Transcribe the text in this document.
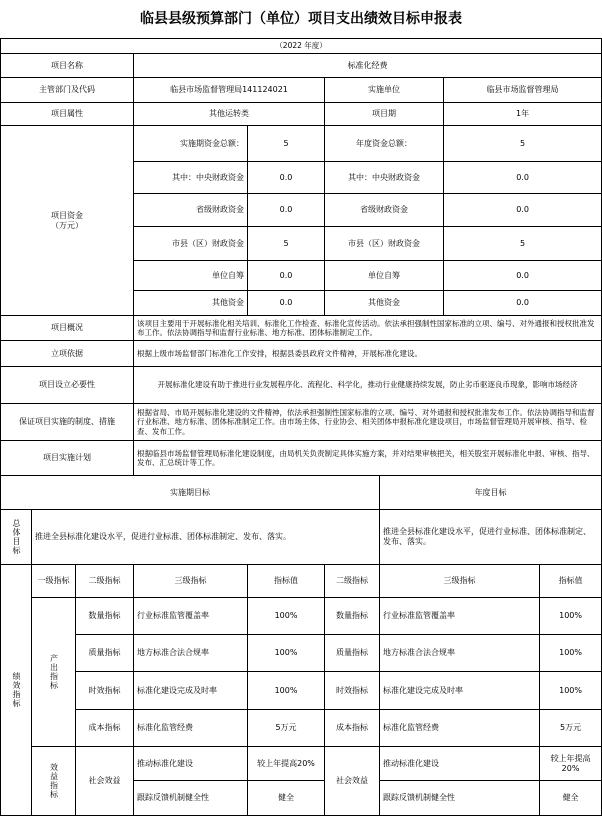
临县县级预算部门（单位）项目支出绩效目标申报表
（2022 年度）								
项目名称			标准化经费					
主管部门及代码			临县市场监督管理局141124021		实施单位		临县市场监督管理局	
项目属性			其他运转类		项目期		1年	

项目资金
（万元）			实施期资金总额：	5	年度资金总额：		5	
			其中：中央财政资金	0.0	其中：中央财政资金		0.0	
			省级财政资金	0.0	省级财政资金		0.0	
			市县（区）财政资金	5	市县（区）财政资金		5	
			单位自筹	0.0	单位自筹		0.0	
			其他资金	0.0	其他资金		0.0	
项目概况			该项目主要用于开展标准化相关培训、标准化工作检查、标准化宣传活动。依法承担强制性国家标准的立项、编号、对外通报和授权批准发布工作。依法协调指导和监督行业标准、地方标准、团体标准制定工作。					
立项依据			根据上级市场监督部门标准化工作安排，根据县委县政府文件精神，开展标准化建设。					
项目设立必要性			开展标准化建设有助于推进行业发展程序化、流程化、科学化，推动行业健康持续发展，防止劣币驱逐良币现象，影响市场经济					
保证项目实施的制度、措施			根据省局、市局开展标准化建设的文件精神，依法承担强制性国家标准的立项、编号、对外通报和授权批准发布工作。依法协调指导和监督行业标准、地方标准、团体标准制定工作。由市场主体、行业协会、相关团体申报标准化建设项目，市场监督管理局开展审核、指导、检查、发布工作。					
项目实施计划			根据临县市场监督管理局标准化建设制度，由局机关负责制定具体实施方案，并对结果审核把关，相关股室开展标准化申报、审核、指导、发布、汇总统计等工作。					
实施期目标						年度目标		
总体目标	推进全县标准化建设水平，促进行业标准、团体标准制定、发布、落实。					推进全县标准化建设水平，促进行业标准、团体标准制定、发布、落实。		
绩效指标	一级指标	二级指标	三级指标	指标值	二级指标	三级指标		指标值
	产出指标	数量指标	行业标准监管覆盖率	100%	数量指标	行业标准监管覆盖率		100%
		质量指标	地方标准合法合规率	100%	质量指标	地方标准合法合规率		100%
		时效指标	标准化建设完成及时率	100%	时效指标	标准化建设完成及时率		100%
		成本指标	标准化监管经费	5万元	成本指标	标准化监管经费		5万元
	效益指标	社会效益	推动标准化建设	较上年提高20%	社会效益	推动标准化建设		较上年提高20%
			跟踪反馈机制健全性	健全		跟踪反馈机制健全性		健全
